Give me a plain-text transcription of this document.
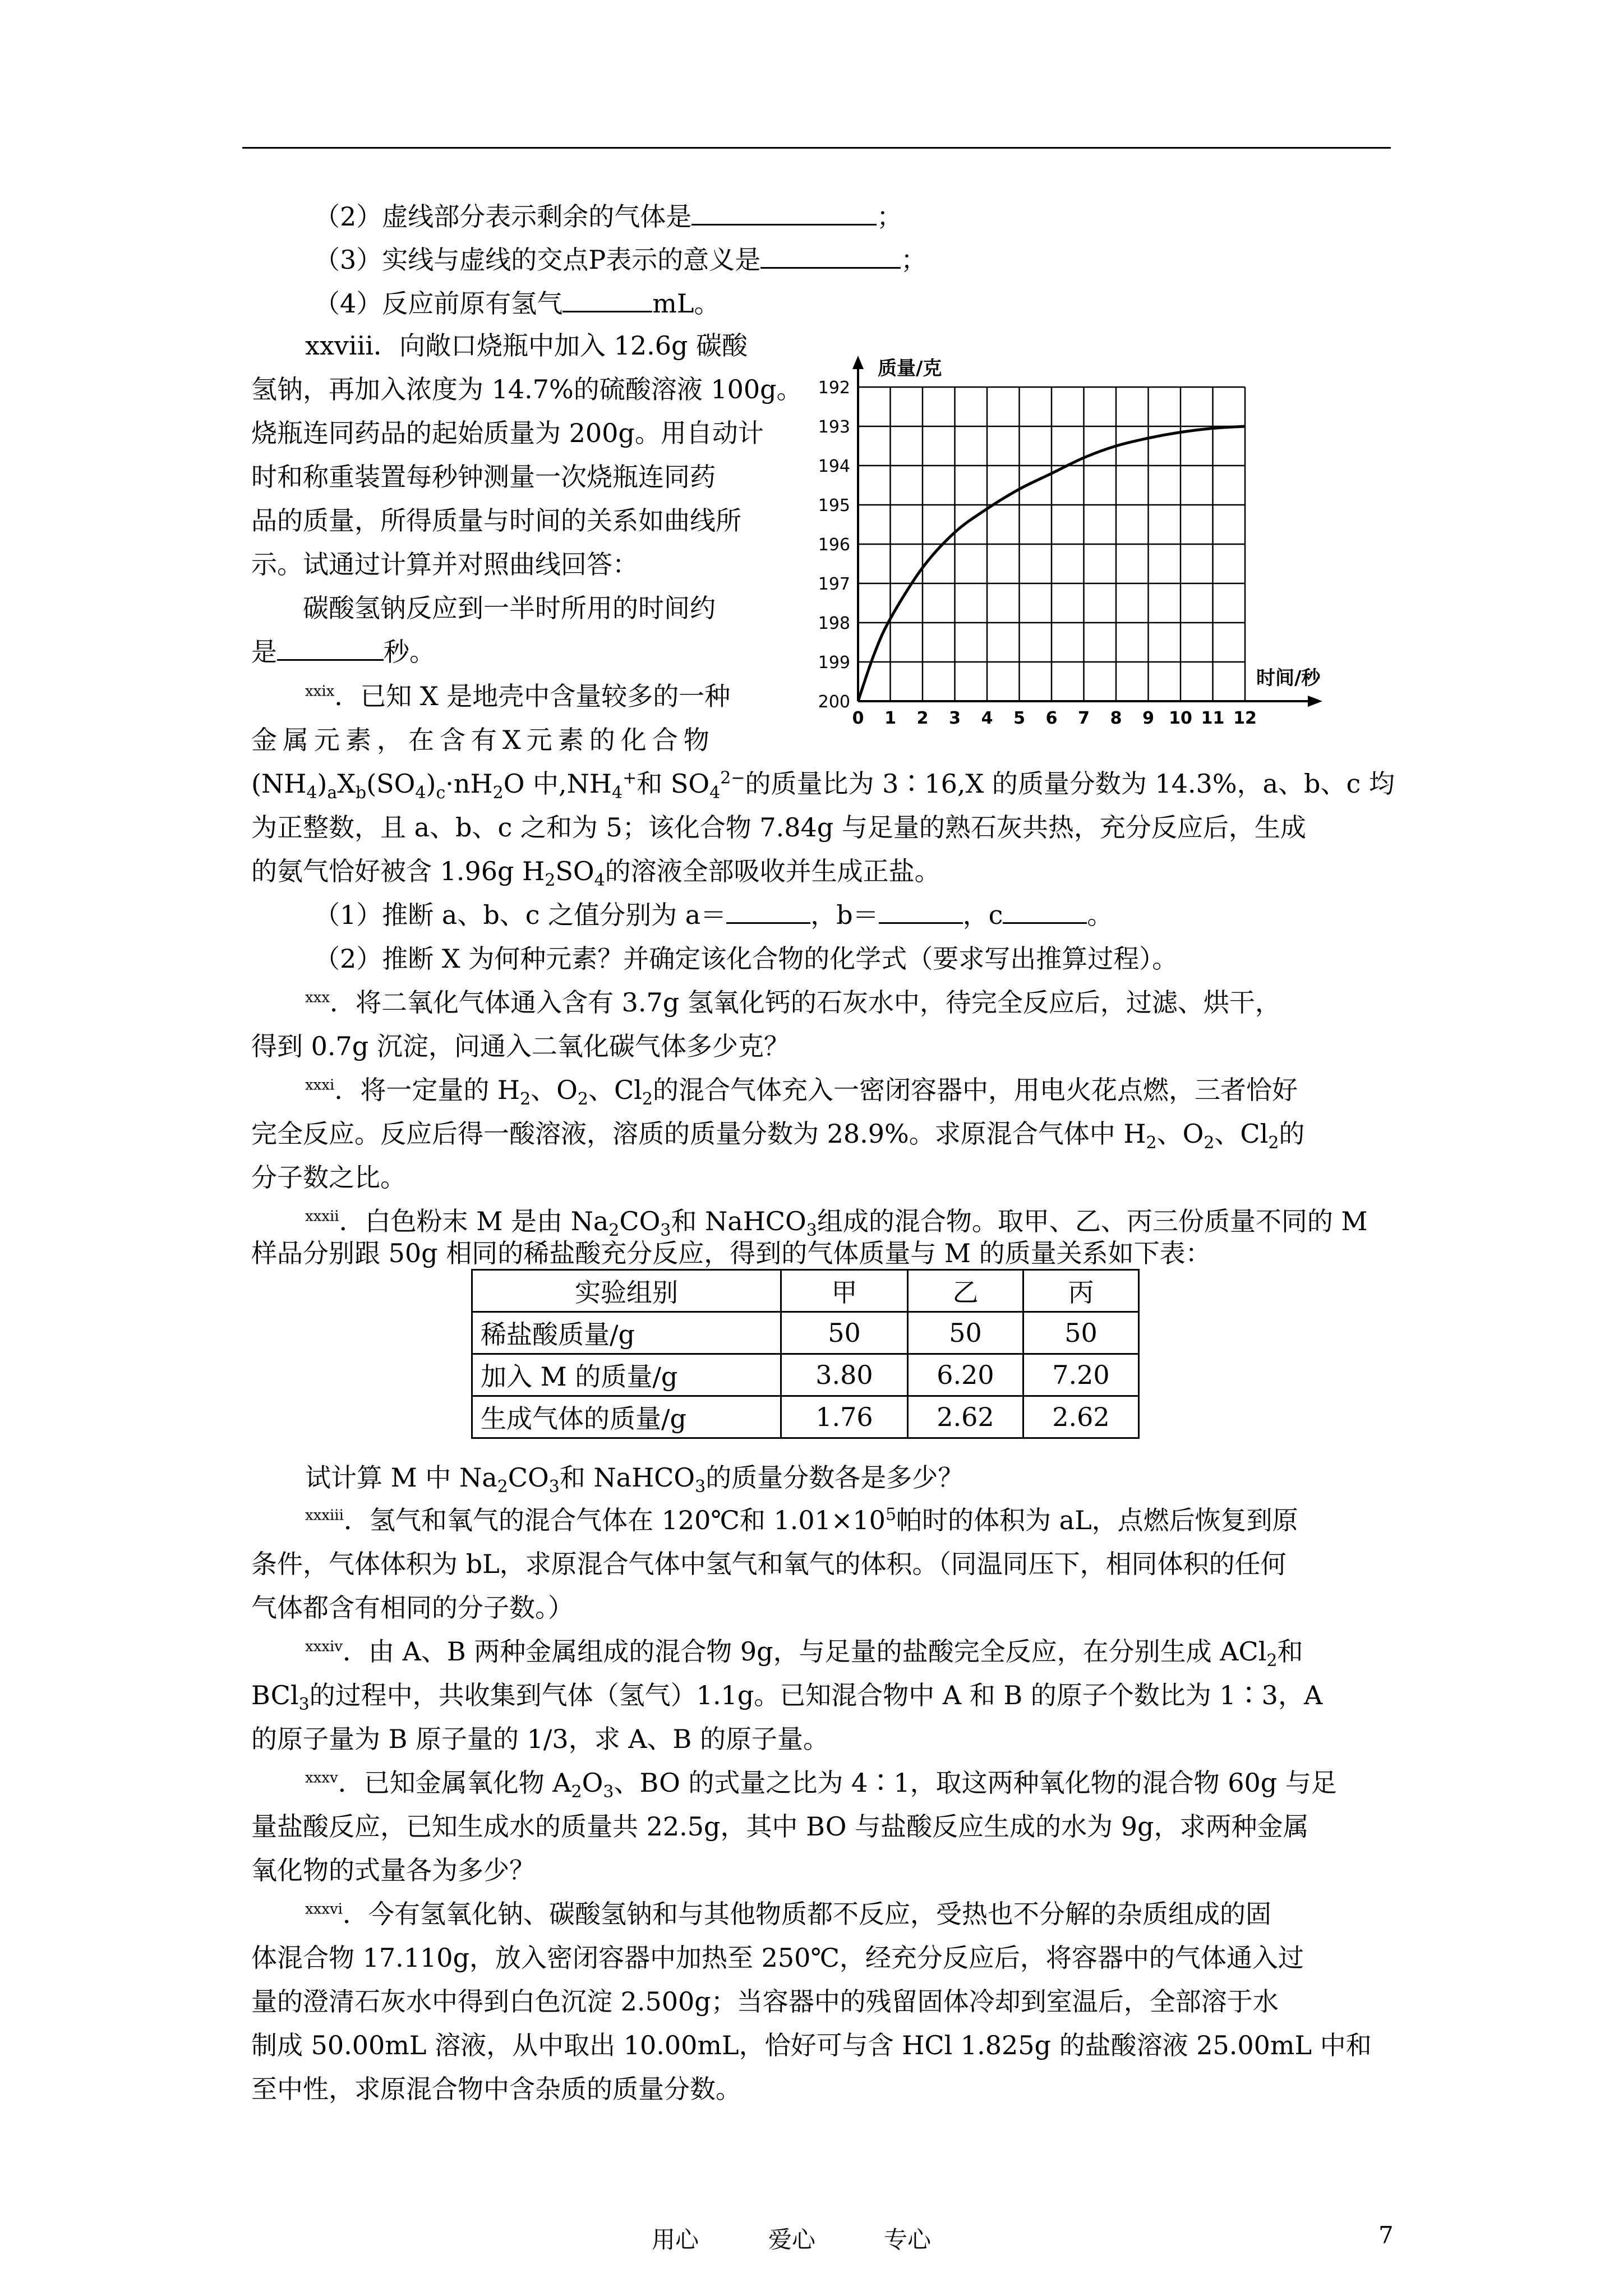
（2）虚线部分表示剩余的气体是	；
（3）实线与虚线的交点P表示的意义是	；
（4）反应前原有氢气	mL。
xxviii．向敞口烧瓶中加入 12.6g 碳酸
氢钠，再加入浓度为 14.7%的硫酸溶液 100g。
烧瓶连同药品的起始质量为 200g。用自动计
时和称重装置每秒钟测量一次烧瓶连同药
品的质量，所得质量与时间的关系如曲线所
示。试通过计算并对照曲线回答：
碳酸氢钠反应到一半时所用的时间约
是	秒。
192
193
194
195
196
197
198
199
200
0 1 2 3 4 5 6 7 8 9 10 11 12
质量/克
时间/秒
$^{xxix}$．已知 X 是地壳中含量较多的一种
金属元素，在含有X元素的化合物
$(NH_4)_aX_b(SO_4)_c\cdot nH_2O$ 中$,NH_4^+$和 $SO_4^{2-}$的质量比为 3∶16,X 的质量分数为 14.3%，a、b、c 均
为正整数，且 a、b、c 之和为 5；该化合物 7.84g 与足量的熟石灰共热，充分反应后，生成
的氨气恰好被含 1.96g $H_2SO_4$的溶液全部吸收并生成正盐。
（1）推断 a、b、c 之值分别为 a＝	，b＝	，c	。
（2）推断 X 为何种元素？并确定该化合物的化学式（要求写出推算过程）。
$^{xxx}$．将二氧化气体通入含有 3.7g 氢氧化钙的石灰水中，待完全反应后，过滤、烘干，
得到 0.7g 沉淀，问通入二氧化碳气体多少克？
$^{xxxi}$．将一定量的 $H_2$、$O_2$、$Cl_2$的混合气体充入一密闭容器中，用电火花点燃，三者恰好
完全反应。反应后得一酸溶液，溶质的质量分数为 28.9%。求原混合气体中 $H_2$、$O_2$、$Cl_2$的
分子数之比。
$^{xxxii}$．白色粉末 M 是由 $Na_2CO_3$和 NaHCO$_3$组成的混合物。取甲、乙、丙三份质量不同的 M
样品分别跟 50g 相同的稀盐酸充分反应，得到的气体质量与 M 的质量关系如下表：
实验组别	甲	乙	丙
稀盐酸质量/g	50	50	50
加入 M 的质量/g	3.80	6.20	7.20
生成气体的质量/g	1.76	2.62	2.62
试计算 M 中 $Na_2CO_3$和 NaHCO$_3$的质量分数各是多少？
$^{xxxiii}$．氢气和氧气的混合气体在 120℃和 $1.01\times 10^5$帕时的体积为 aL，点燃后恢复到原
条件，气体体积为 bL，求原混合气体中氢气和氧气的体积。（同温同压下，相同体积的任何
气体都含有相同的分子数。）
$^{xxxiv}$．由 A、B 两种金属组成的混合物 9g，与足量的盐酸完全反应，在分别生成 ACl$_2$和
BCl$_3$的过程中，共收集到气体（氢气）1.1g。已知混合物中 A 和 B 的原子个数比为 1∶3，A
的原子量为 B 原子量的 1/3，求 A、B 的原子量。
$^{xxxv}$．已知金属氧化物 $A_2O_3$、BO 的式量之比为 4∶1，取这两种氧化物的混合物 60g 与足
量盐酸反应，已知生成水的质量共 22.5g，其中 BO 与盐酸反应生成的水为 9g，求两种金属
氧化物的式量各为多少？
$^{xxxvi}$．今有氢氧化钠、碳酸氢钠和与其他物质都不反应，受热也不分解的杂质组成的固
体混合物 17.110g，放入密闭容器中加热至 250℃，经充分反应后，将容器中的气体通入过
量的澄清石灰水中得到白色沉淀 2.500g；当容器中的残留固体冷却到室温后，全部溶于水
制成 50.00mL 溶液，从中取出 10.00mL，恰好可与含 HCl 1.825g 的盐酸溶液 25.00mL 中和
至中性，求原混合物中含杂质的质量分数。
用心	爱心	专心	7
